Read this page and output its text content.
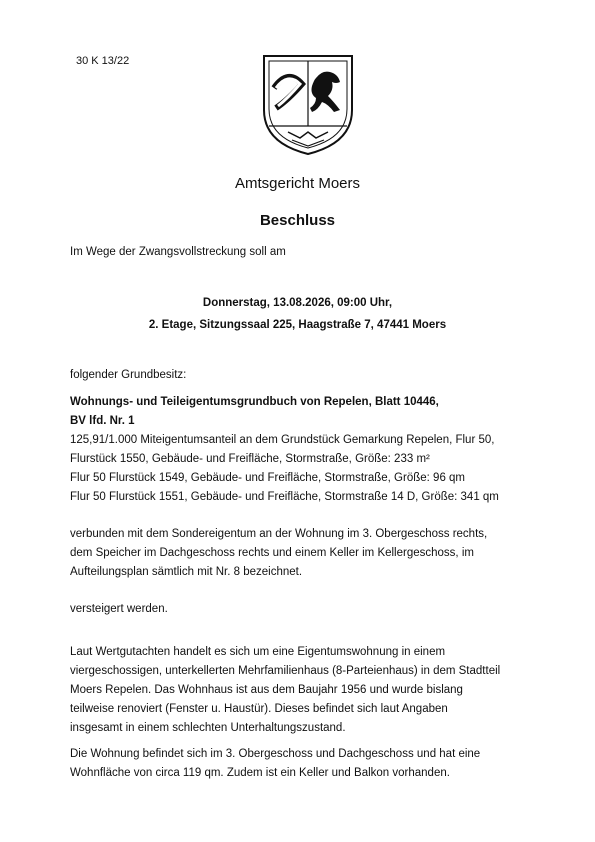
30 K 13/22
Amtsgericht Moers
Beschluss
Im Wege der Zwangsvollstreckung soll am
Donnerstag, 13.08.2026, 09:00 Uhr,
2. Etage, Sitzungssaal 225, Haagstraße 7, 47441 Moers
folgender Grundbesitz:
Wohnungs- und Teileigentumsgrundbuch von Repelen, Blatt 10446,
BV lfd. Nr. 1
125,91/1.000 Miteigentumsanteil an dem Grundstück Gemarkung Repelen, Flur 50,
Flurstück 1550, Gebäude- und Freifläche, Stormstraße, Größe: 233 m²
Flur 50 Flurstück 1549, Gebäude- und Freifläche, Stormstraße, Größe: 96 qm
Flur 50 Flurstück 1551, Gebäude- und Freifläche, Stormstraße 14 D, Größe: 341 qm
verbunden mit dem Sondereigentum an der Wohnung im 3. Obergeschoss rechts,
dem Speicher im Dachgeschoss rechts und einem Keller im Kellergeschoss, im
Aufteilungsplan sämtlich mit Nr. 8 bezeichnet.
versteigert werden.
Laut Wertgutachten handelt es sich um eine Eigentumswohnung in einem
viergeschossigen, unterkellerten Mehrfamilienhaus (8-Parteienhaus) in dem Stadtteil
Moers Repelen. Das Wohnhaus ist aus dem Baujahr 1956 und wurde bislang
teilweise renoviert (Fenster u. Haustür). Dieses befindet sich laut Angaben
insgesamt in einem schlechten Unterhaltungszustand.
Die Wohnung befindet sich im 3. Obergeschoss und Dachgeschoss und hat eine
Wohnfläche von circa 119 qm. Zudem ist ein Keller und Balkon vorhanden.
